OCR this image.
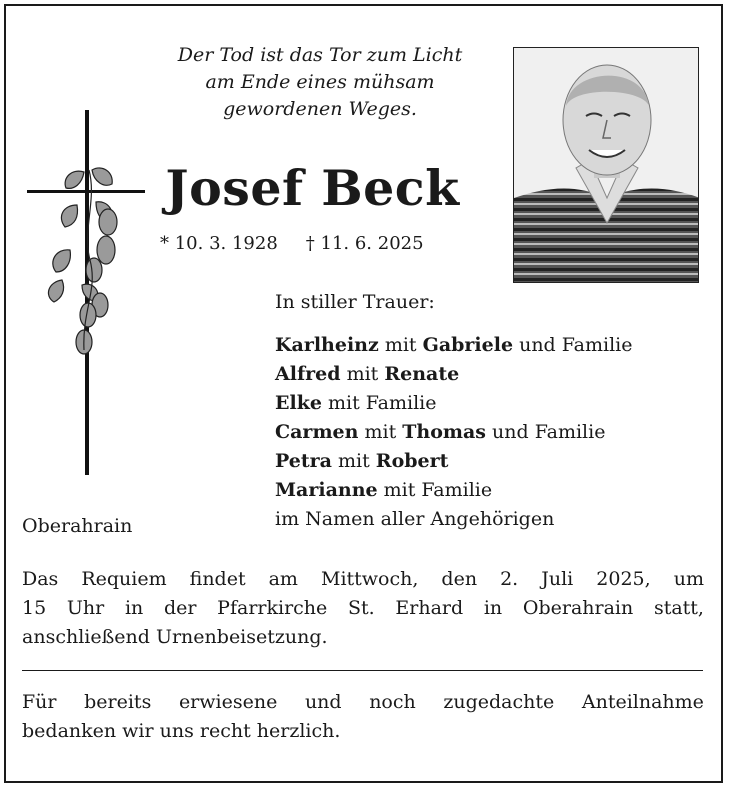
Der Tod ist das Tor zum Licht
am Ende eines mühsam
gewordenen Weges.
Josef Beck
* 10. 3. 1928 † 11. 6. 2025
In stiller Trauer:
Karlheinz mit Gabriele und Familie
Alfred mit Renate
Elke mit Familie
Carmen mit Thomas und Familie
Petra mit Robert
Marianne mit Familie
im Namen aller Angehörigen
Oberahrain
Das Requiem findet am Mittwoch, den 2. Juli 2025, um
15 Uhr in der Pfarrkirche St. Erhard in Oberahrain statt,
anschließend Urnenbeisetzung.
Für bereits erwiesene und noch zugedachte Anteilnahme
bedanken wir uns recht herzlich.
